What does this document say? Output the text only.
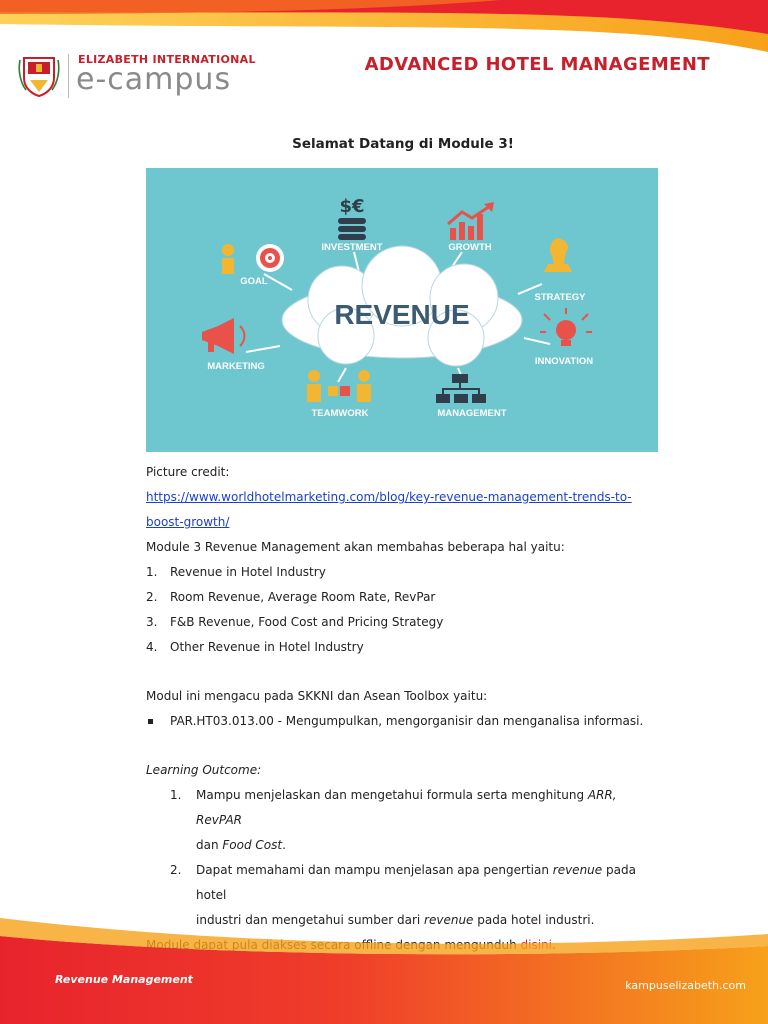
ELIZABETH INTERNATIONAL
e-campus	ADVANCED HOTEL MANAGEMENT
Selamat Datang di Module 3!
REVENUE
$€
INVESTMENT	GROWTH
GOAL
STRATEGY
MARKETING	INNOVATION
TEAMWORK	MANAGEMENT

Picture credit:

https://www.worldhotelmarketing.com/blog/key-revenue-management-trends-to-
boost-growth/

Module 3 Revenue Management akan membahas beberapa hal yaitu:

1. Revenue in Hotel Industry
2. Room Revenue, Average Room Rate, RevPar
3. F&B Revenue, Food Cost and Pricing Strategy
4. Other Revenue in Hotel Industry

Modul ini mengacu pada SKKNI dan Asean Toolbox yaitu:

PAR.HT03.013.00 - Mengumpulkan, mengorganisir dan menganalisa informasi.
Learning Outcome:
1. Mampu menjelaskan dan mengetahui formula serta menghitung ARR, RevPAR
dan Food Cost.
2. Dapat memahami dan mampu menjelasan apa pengertian revenue pada hotel
industri dan mengetahui sumber dari revenue pada hotel industri.

Revenue Management	kampuselizabeth.com
